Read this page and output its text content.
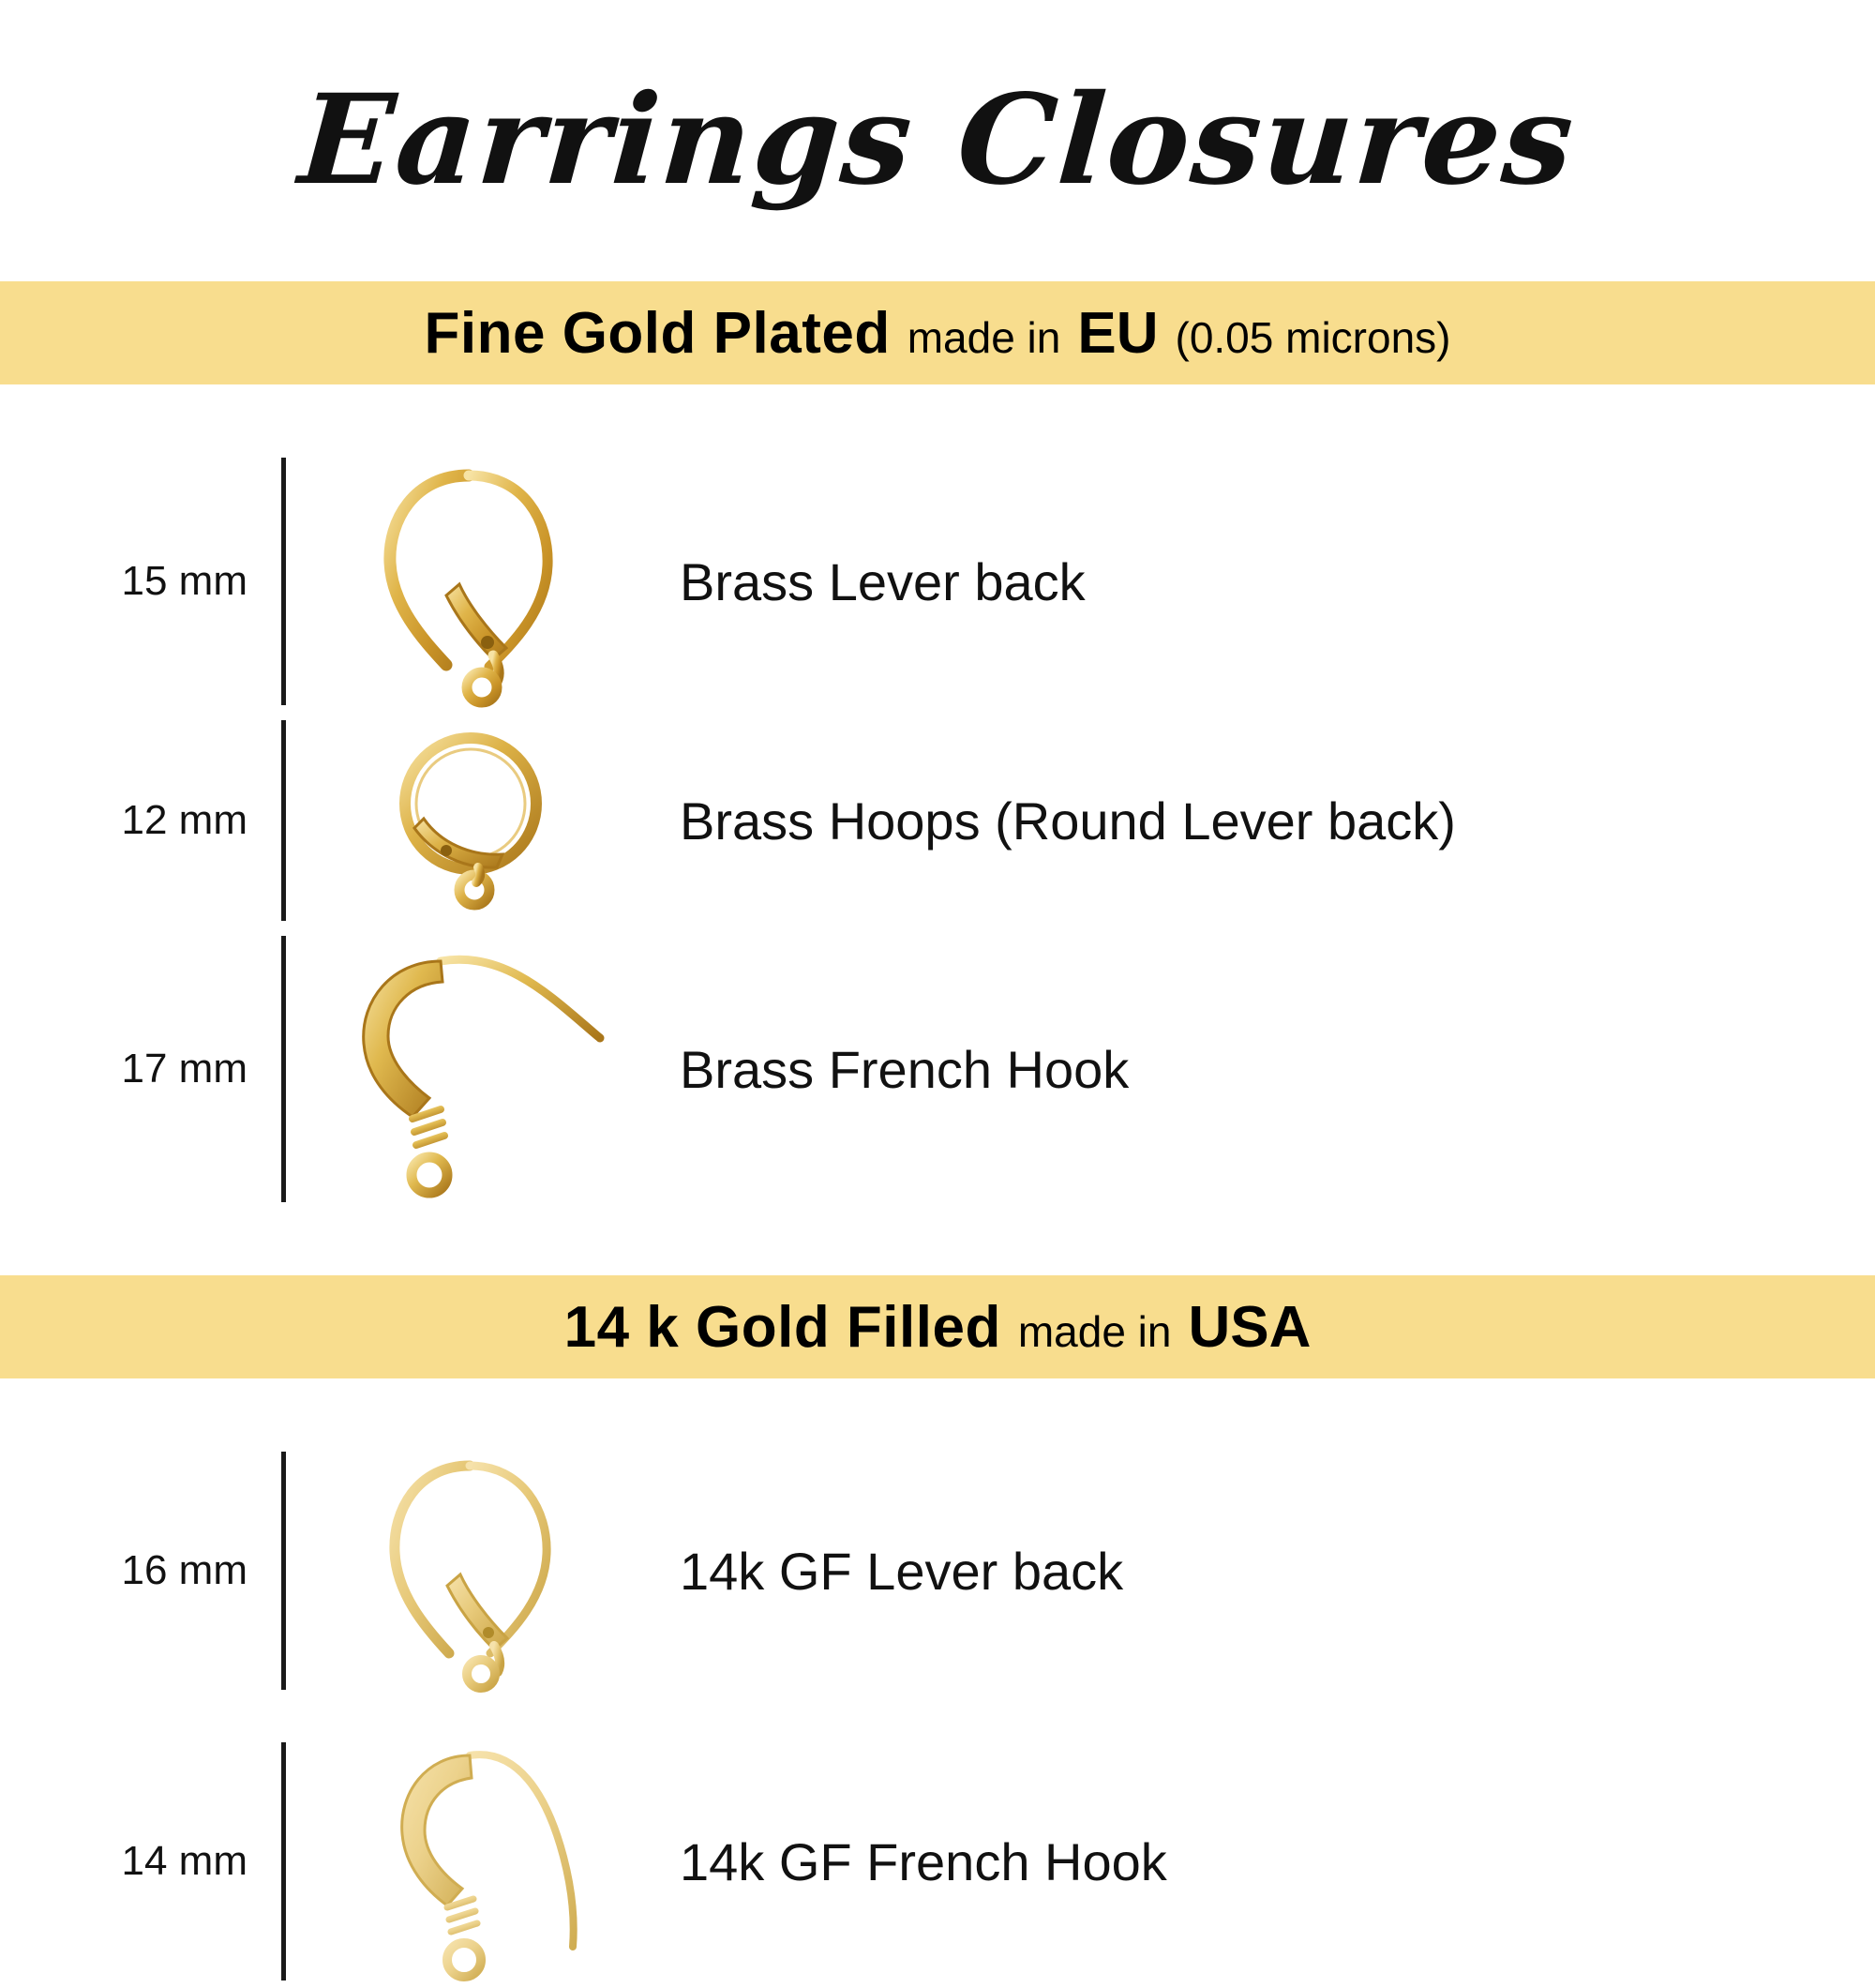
Earrings Closures
Fine Gold Plated made in EU (0.05 microns)
15 mm	Brass Lever back
12 mm	Brass Hoops (Round Lever back)
17 mm	Brass French Hook
14 k Gold Filled made in USA
16 mm	14k GF Lever back
14 mm	14k GF French Hook
